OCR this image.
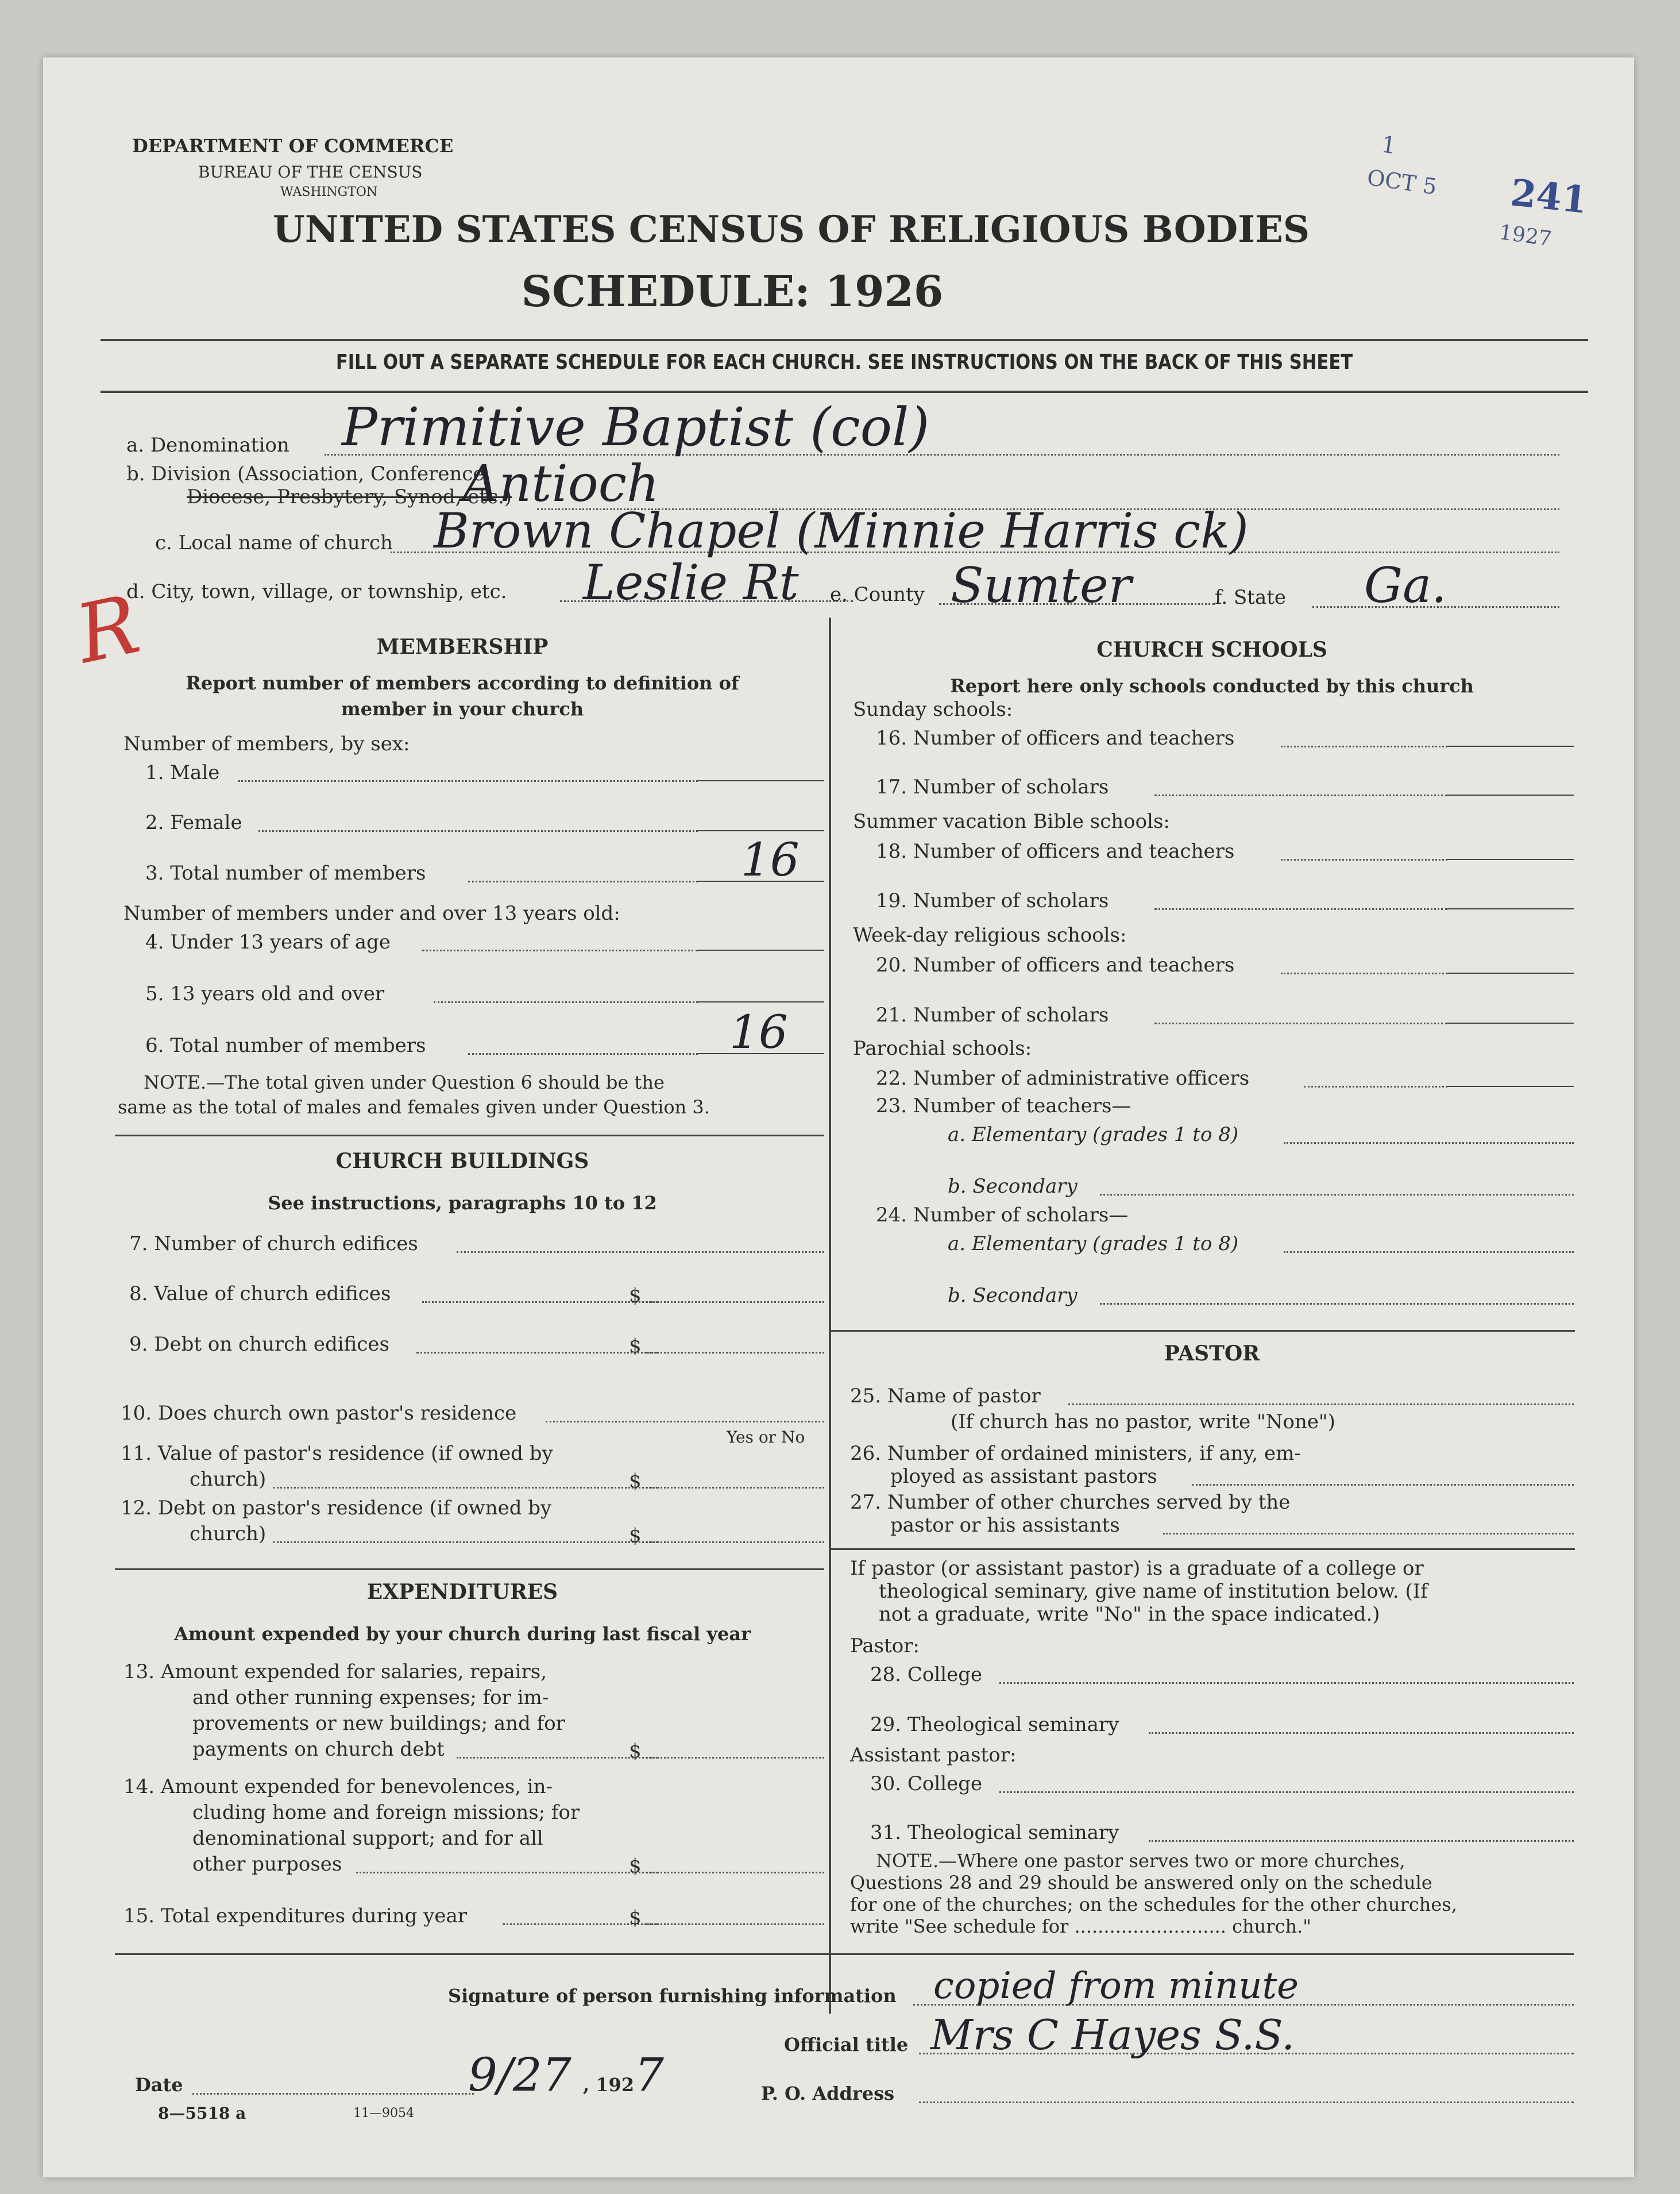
DEPARTMENT OF COMMERCE
BUREAU OF THE CENSUS
WASHINGTON
UNITED STATES CENSUS OF RELIGIOUS BODIES
SCHEDULE: 1926
FILL OUT A SEPARATE SCHEDULE FOR EACH CHURCH. SEE INSTRUCTIONS ON THE BACK OF THIS SHEET
1
OCT 5
1927
241
a. Denomination Primitive Baptist (col)
b. Division (Association, Conference,
Diocese, Presbytery, Synod, etc.)
Antioch
c. Local name of church Brown Chapel (Minnie Harris ck)
d. City, town, village, or township, etc. Leslie Rt e. County Sumter	f. State Ga.
R	MEMBERSHIP
Report number of members according to definition of
member in your church
Number of members, by sex:
1. Male
2. Female
3. Total number of members	16
Number of members under and over 13 years old:
4. Under 13 years of age
5. 13 years old and over
6. Total number of members	16
NOTE.—The total given under Question 6 should be the
same as the total of males and females given under Question 3.
CHURCH BUILDINGS
See instructions, paragraphs 10 to 12
7. Number of church edifices
8. Value of church edifices	$
9. Debt on church edifices	$
10. Does church own pastor's residence
Yes or No
11. Value of pastor's residence (if owned by
church)	$
12. Debt on pastor's residence (if owned by
church)	$
EXPENDITURES
Amount expended by your church during last fiscal year
13. Amount expended for salaries, repairs,
and other running expenses; for im-
provements or new buildings; and for
payments on church debt	$
14. Amount expended for benevolences, in-
cluding home and foreign missions; for
denominational support; and for all
other purposes	$
15. Total expenditures during year	$
CHURCH SCHOOLS
Report here only schools conducted by this church
Sunday schools:
16. Number of officers and teachers
17. Number of scholars
Summer vacation Bible schools:
18. Number of officers and teachers
19. Number of scholars
Week-day religious schools:
20. Number of officers and teachers
21. Number of scholars
Parochial schools:
22. Number of administrative officers
23. Number of teachers—
a. Elementary (grades 1 to 8)
b. Secondary
24. Number of scholars—
a. Elementary (grades 1 to 8)
b. Secondary
PASTOR
25. Name of pastor
(If church has no pastor, write "None")
26. Number of ordained ministers, if any, em-
ployed as assistant pastors
27. Number of other churches served by the
pastor or his assistants
If pastor (or assistant pastor) is a graduate of a college or
theological seminary, give name of institution below. (If
not a graduate, write "No" in the space indicated.)
Pastor:
28. College
29. Theological seminary
Assistant pastor:
30. College
31. Theological seminary
NOTE.—Where one pastor serves two or more churches,
Questions 28 and 29 should be answered only on the schedule
for one of the churches; on the schedules for the other churches,
write "See schedule for .......................... church."
Signature of person furnishing information copied from minute
Official title Mrs C Hayes S.S.
Date	9/27 , 192 7	P. O. Address
8—5518 a	11—9054
